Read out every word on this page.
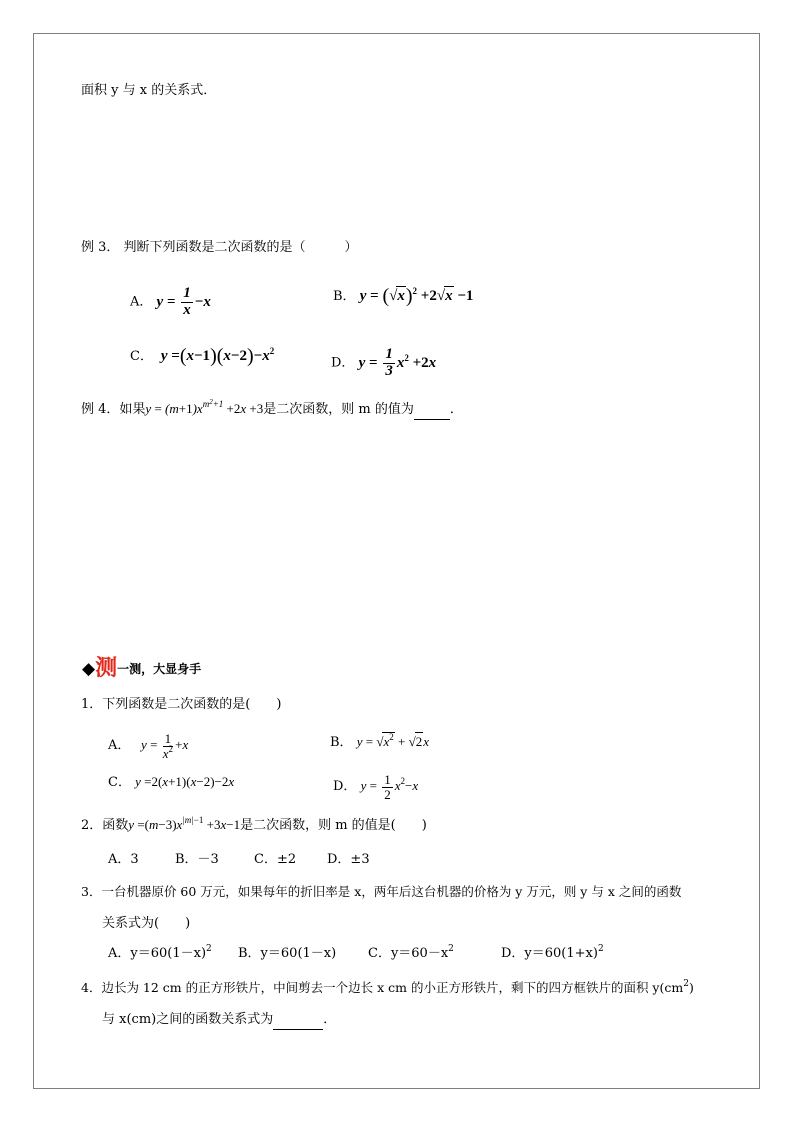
面积 y 与 x 的关系式．
例 3． 判断下列函数是二次函数的是（　　　）
A． $y = \frac{1}{x} -x$	B． $y = (√x)^2 +2√x -1$
C．  $y =(x-1)(x-2)-x^2$
D． $y = \frac{1}{3} x^2 +2x$
例 4．如果$y = (m+1)x^{m^2+1} +2x +3$是二次函数，则 m 的值为	．
◆测一测，大显身手
1．下列函数是二次函数的是(　　)
A．   $y = \frac{1}{x^2} +x$	B． $y = √x^2 + √2x$
C． y =2(x+1)(x−2)−2x	D． $y = \frac{1}{2} x^2-x$
2．函数$y =(m-3)x^{|m|-1} +3x-1$是二次函数，则 m 的值是(　　)
A．3	B．－3	C．±2 D．±3
3．一台机器原价 60 万元，如果每年的折旧率是 x，两年后这台机器的价格为 y 万元，则 y 与 x 之间的函数
关系式为(　　)
A．$y=60(1-x)^2$ B．y＝60(1－x) C．$y=60-x^2$	D．$y=60(1+x)^2$
4．边长为 12 cm 的正方形铁片，中间剪去一个边长 x cm 的小正方形铁片，剩下的四方框铁片的面积 $y(cm^2)$
与 x(cm)之间的函数关系式为	．
